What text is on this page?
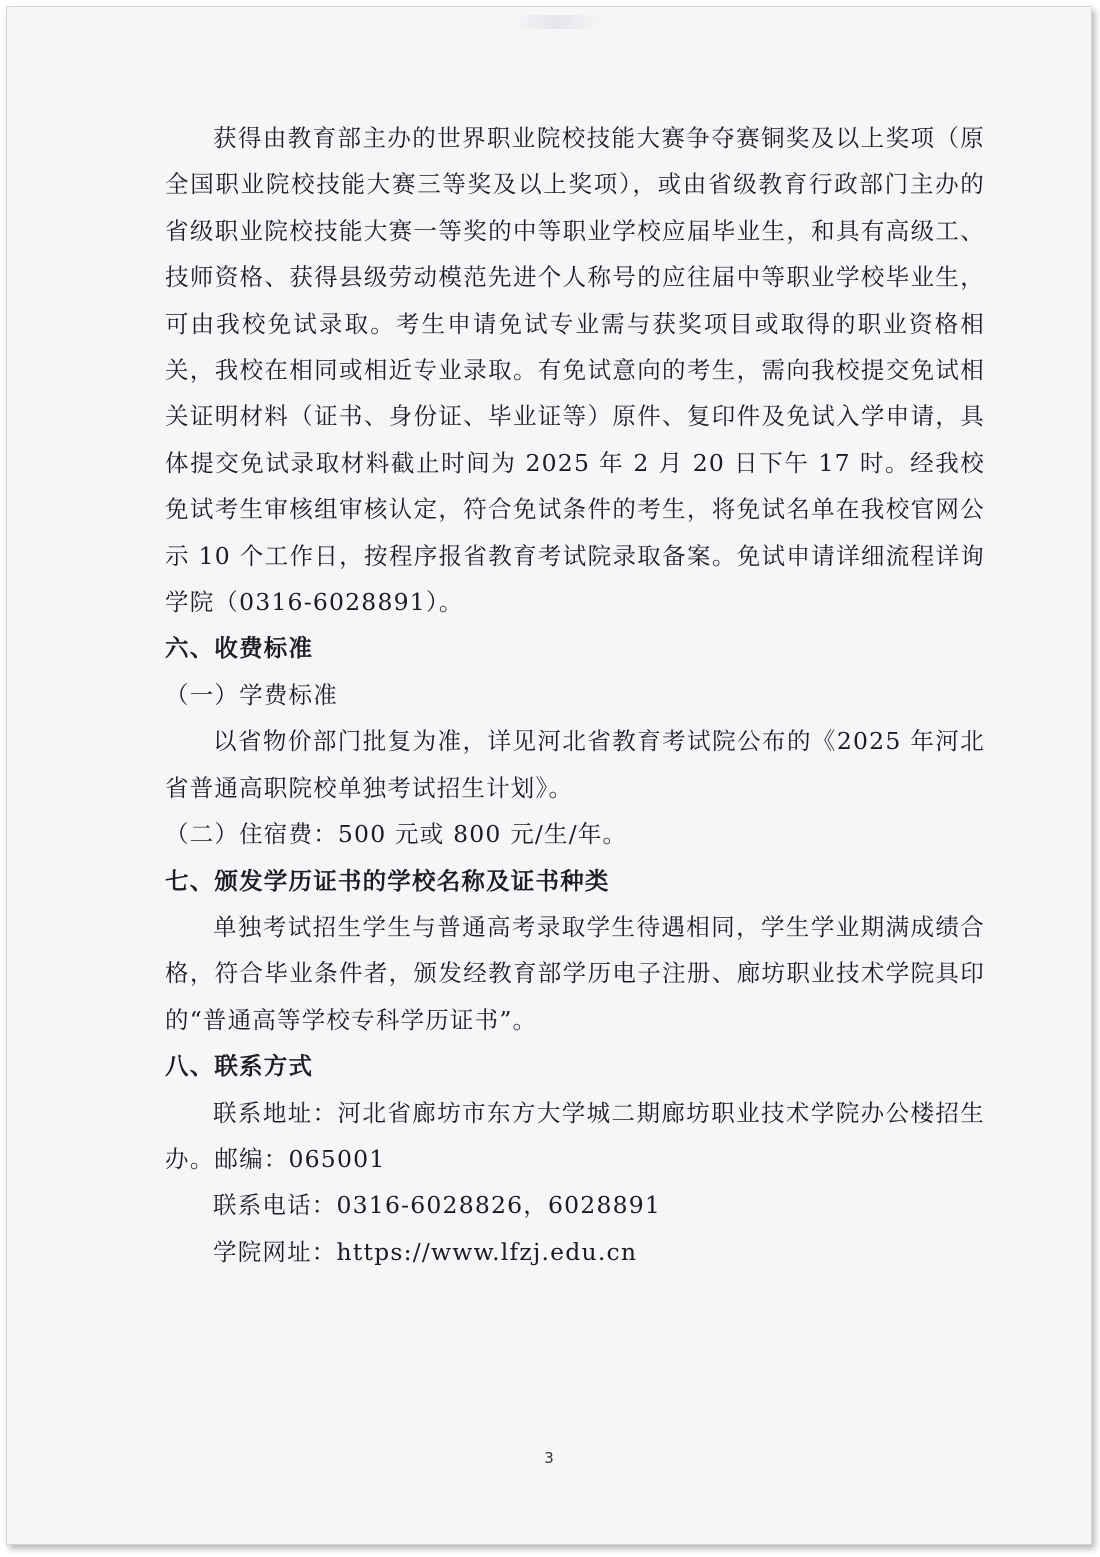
获得由教育部主办的世界职业院校技能大赛争夺赛铜奖及以上奖项（原全国职业院校技能大赛三等奖及以上奖项），或由省级教育行政部门主办的省级职业院校技能大赛一等奖的中等职业学校应届毕业生，和具有高级工、技师资格、获得县级劳动模范先进个人称号的应往届中等职业学校毕业生，可由我校免试录取。考生申请免试专业需与获奖项目或取得的职业资格相关，我校在相同或相近专业录取。有免试意向的考生，需向我校提交免试相关证明材料（证书、身份证、毕业证等）原件、复印件及免试入学申请，具体提交免试录取材料截止时间为 2025 年 2 月 20 日下午 17 时。经我校免试考生审核组审核认定，符合免试条件的考生，将免试名单在我校官网公示 10 个工作日，按程序报省教育考试院录取备案。免试申请详细流程详询学院（0316-6028891）。

六、收费标准

（一）学费标准

以省物价部门批复为准，详见河北省教育考试院公布的《2025 年河北省普通高职院校单独考试招生计划》。

（二）住宿费：500 元或 800 元/生/年。

七、颁发学历证书的学校名称及证书种类

单独考试招生学生与普通高考录取学生待遇相同，学生学业期满成绩合格，符合毕业条件者，颁发经教育部学历电子注册、廊坊职业技术学院具印的“普通高等学校专科学历证书”。

八、联系方式

联系地址：河北省廊坊市东方大学城二期廊坊职业技术学院办公楼招生办。邮编：065001

联系电话：0316-6028826，6028891

学院网址：https://www.lfzj.edu.cn

3
